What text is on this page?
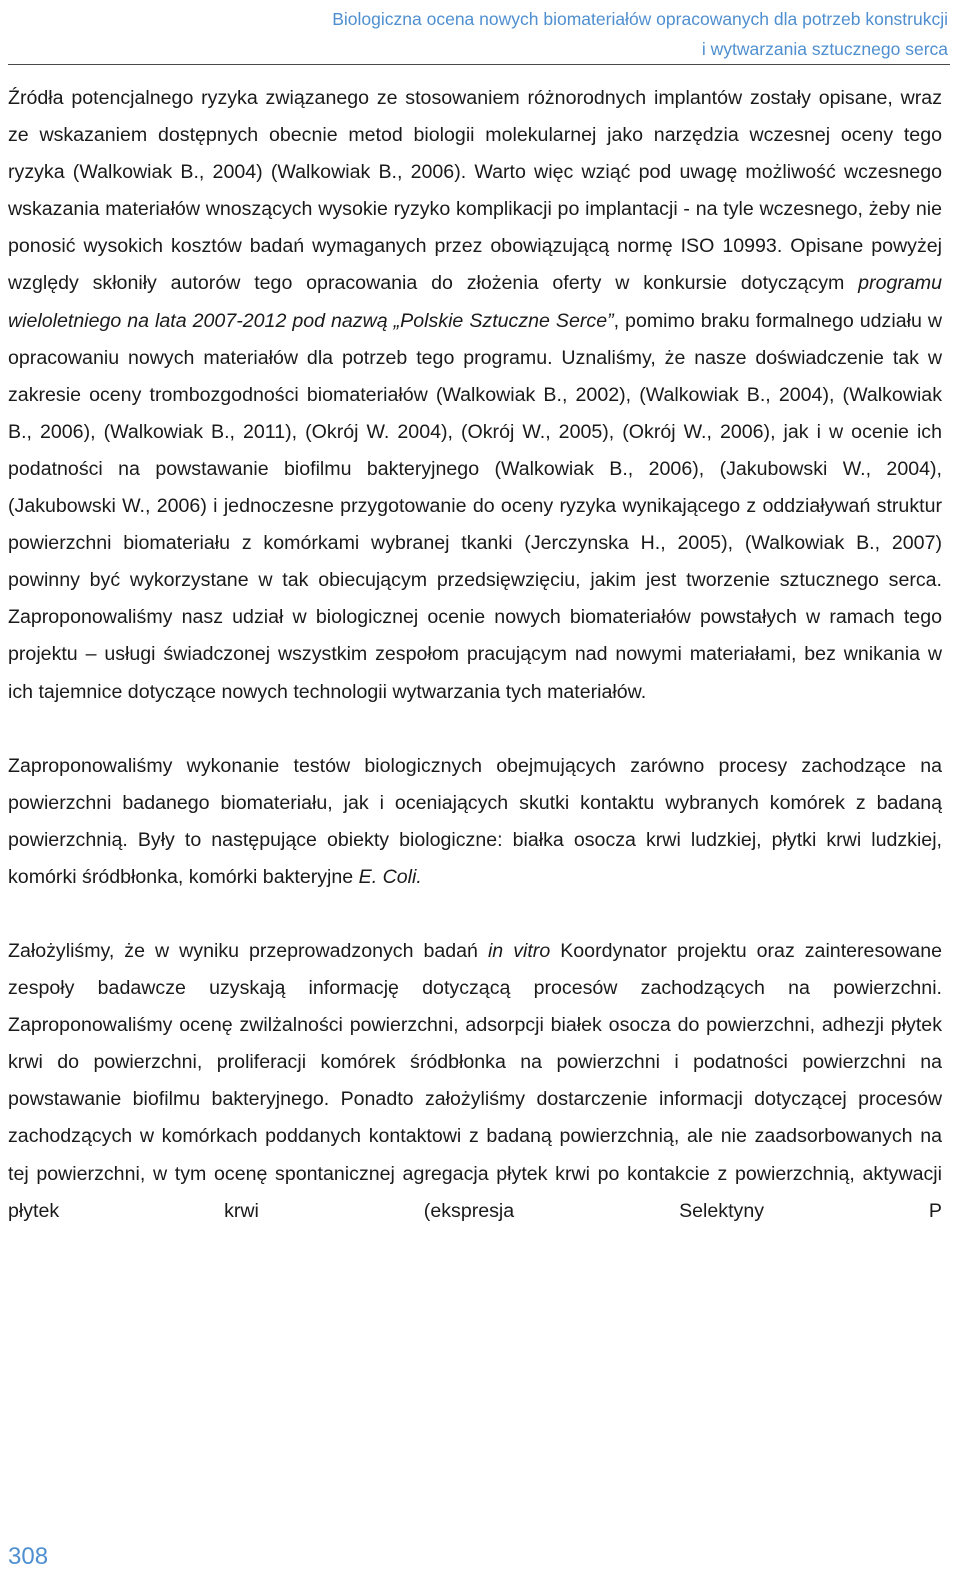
Biologiczna ocena nowych biomateriałów opracowanych dla potrzeb konstrukcji
i wytwarzania sztucznego serca

Źródła potencjalnego ryzyka związanego ze stosowaniem różnorodnych implantów zostały opisane, wraz ze wskazaniem dostępnych obecnie metod biologii molekularnej jako narzędzia wczesnej oceny tego ryzyka (Walkowiak B., 2004) (Walkowiak B., 2006). Warto więc wziąć pod uwagę możliwość wczesnego wskazania materiałów wnoszących wysokie ryzyko komplikacji po implantacji - na tyle wczesnego, żeby nie ponosić wysokich kosztów badań wymaganych przez obowiązującą normę ISO 10993. Opisane powyżej względy skłoniły autorów tego opracowania do złożenia oferty w konkursie dotyczącym programu wieloletniego na lata 2007-2012 pod nazwą „Polskie Sztuczne Serce”, pomimo braku formalnego udziału w opracowaniu nowych materiałów dla potrzeb tego programu. Uznaliśmy, że nasze doświadczenie tak w zakresie oceny trombozgodności biomateriałów (Walkowiak B., 2002), (Walkowiak B., 2004), (Walkowiak B., 2006), (Walkowiak B., 2011), (Okrój W. 2004), (Okrój W., 2005), (Okrój W., 2006), jak i w ocenie ich podatności na powstawanie biofilmu bakteryjnego (Walkowiak B., 2006), (Jakubowski W., 2004), (Jakubowski W., 2006) i jednoczesne przygotowanie do oceny ryzyka wynikającego z oddziaływań struktur powierzchni biomateriału z komórkami wybranej tkanki (Jerczynska H., 2005), (Walkowiak B., 2007) powinny być wykorzystane w tak obiecującym przedsięwzięciu, jakim jest tworzenie sztucznego serca. Zaproponowaliśmy nasz udział w biologicznej ocenie nowych biomateriałów powstałych w ramach tego projektu – usługi świadczonej wszystkim zespołom pracującym nad nowymi materiałami, bez wnikania w ich tajemnice dotyczące nowych technologii wytwarzania tych materiałów.

Zaproponowaliśmy wykonanie testów biologicznych obejmujących zarówno procesy zachodzące na powierzchni badanego biomateriału, jak i oceniających skutki kontaktu wybranych komórek z badaną powierzchnią. Były to następujące obiekty biologiczne: białka osocza krwi ludzkiej, płytki krwi ludzkiej, komórki śródbłonka, komórki bakteryjne E. Coli.

Założyliśmy, że w wyniku przeprowadzonych badań in vitro Koordynator projektu oraz zainteresowane zespoły badawcze uzyskają informację dotyczącą procesów zachodzących na powierzchni. Zaproponowaliśmy ocenę zwilżalności powierzchni, adsorpcji białek osocza do powierzchni, adhezji płytek krwi do powierzchni, proliferacji komórek śródbłonka na powierzchni i podatności powierzchni na powstawanie biofilmu bakteryjnego. Ponadto założyliśmy dostarczenie informacji dotyczącej procesów zachodzących w komórkach poddanych kontaktowi z badaną powierzchnią, ale nie zaadsorbowanych na tej powierzchni, w tym ocenę spontanicznej agregacja płytek krwi po kontakcie z powierzchnią, aktywacji płytek krwi (ekspresja Selektyny P

308
